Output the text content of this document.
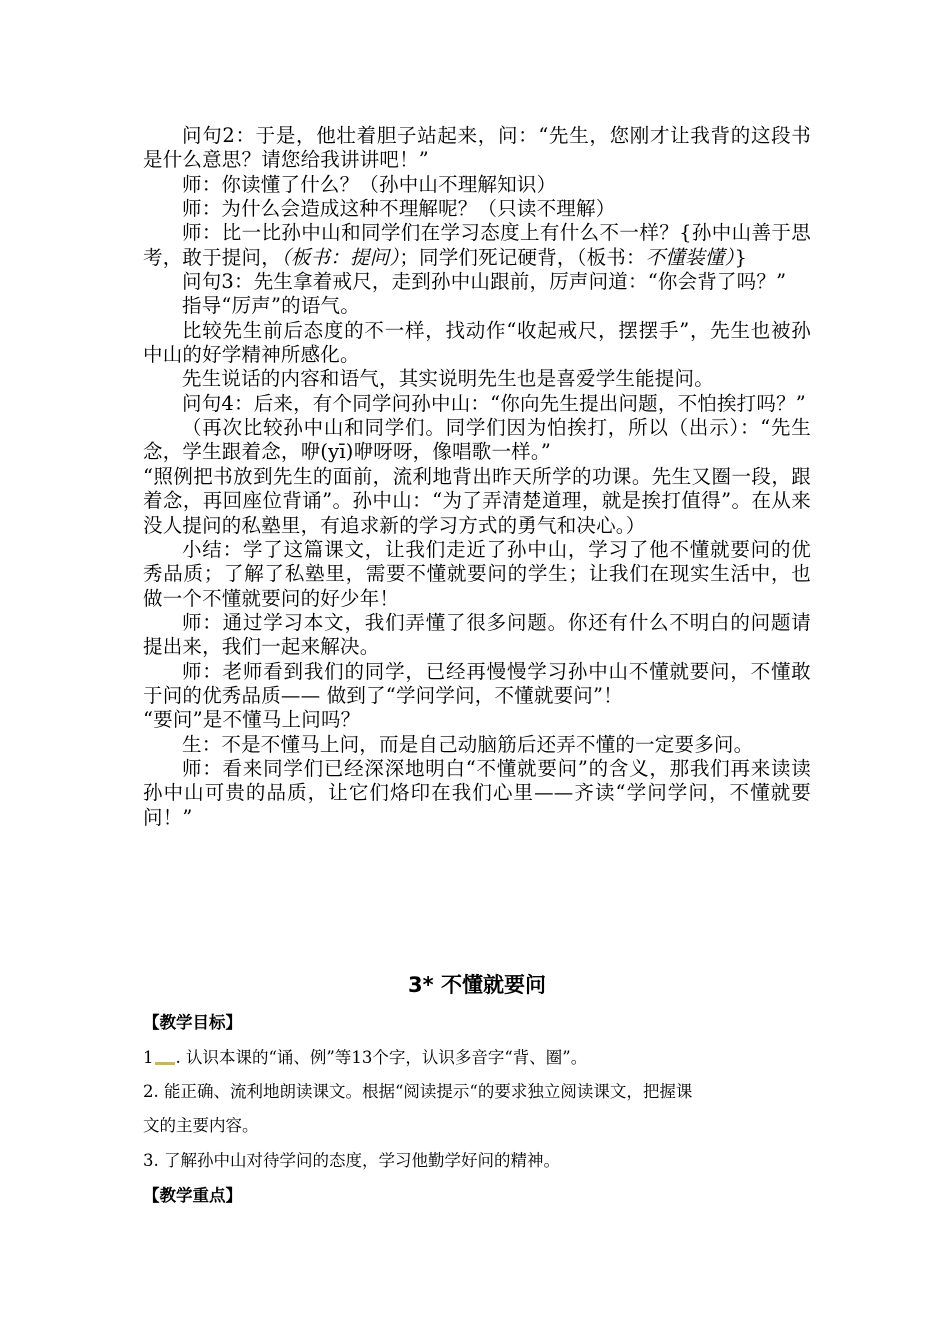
问句2：于是，他壮着胆子站起来，问：“先生，您刚才让我背的这段书是什么意思？请您给我讲讲吧！”

师：你读懂了什么？（孙中山不理解知识）

师：为什么会造成这种不理解呢？（只读不理解）

师：比一比孙中山和同学们在学习态度上有什么不一样？{孙中山善于思考，敢于提问，（板书：提问）；同学们死记硬背，（板书：不懂装懂）}

问句3：先生拿着戒尺，走到孙中山跟前，厉声问道：“你会背了吗？”

指导“厉声”的语气。

比较先生前后态度的不一样，找动作“收起戒尺，摆摆手”，先生也被孙中山的好学精神所感化。

先生说话的内容和语气，其实说明先生也是喜爱学生能提问。

问句4：后来，有个同学问孙中山：“你向先生提出问题，不怕挨打吗？”

（再次比较孙中山和同学们。同学们因为怕挨打，所以（出示）：“先生念，学生跟着念，咿(yī)咿呀呀，像唱歌一样。”

“照例把书放到先生的面前，流利地背出昨天所学的功课。先生又圈一段，跟着念，再回座位背诵”。孙中山：“为了弄清楚道理，就是挨打值得”。在从来没人提问的私塾里，有追求新的学习方式的勇气和决心。）

小结：学了这篇课文，让我们走近了孙中山，学习了他不懂就要问的优秀品质；了解了私塾里，需要不懂就要问的学生；让我们在现实生活中，也做一个不懂就要问的好少年！

师：通过学习本文，我们弄懂了很多问题。你还有什么不明白的问题请提出来，我们一起来解决。

师：老师看到我们的同学，已经再慢慢学习孙中山不懂就要问，不懂敢于问的优秀品质—— 做到了“学问学问，不懂就要问”！

“要问”是不懂马上问吗？

生：不是不懂马上问，而是自己动脑筋后还弄不懂的一定要多问。

师：看来同学们已经深深地明白“不懂就要问”的含义，那我们再来读读孙中山可贵的品质，让它们烙印在我们心里——齐读“学问学问，不懂就要问！”

3* 不懂就要问
【教学目标】
1 . 认识本课的“诵、例”等13个字，认识多音字“背、圈”。
2. 能正确、流利地朗读课文。根据“阅读提示“的要求独立阅读课文，把握课
文的主要内容。
3. 了解孙中山对待学问的态度，学习他勤学好问的精神。
【教学重点】
